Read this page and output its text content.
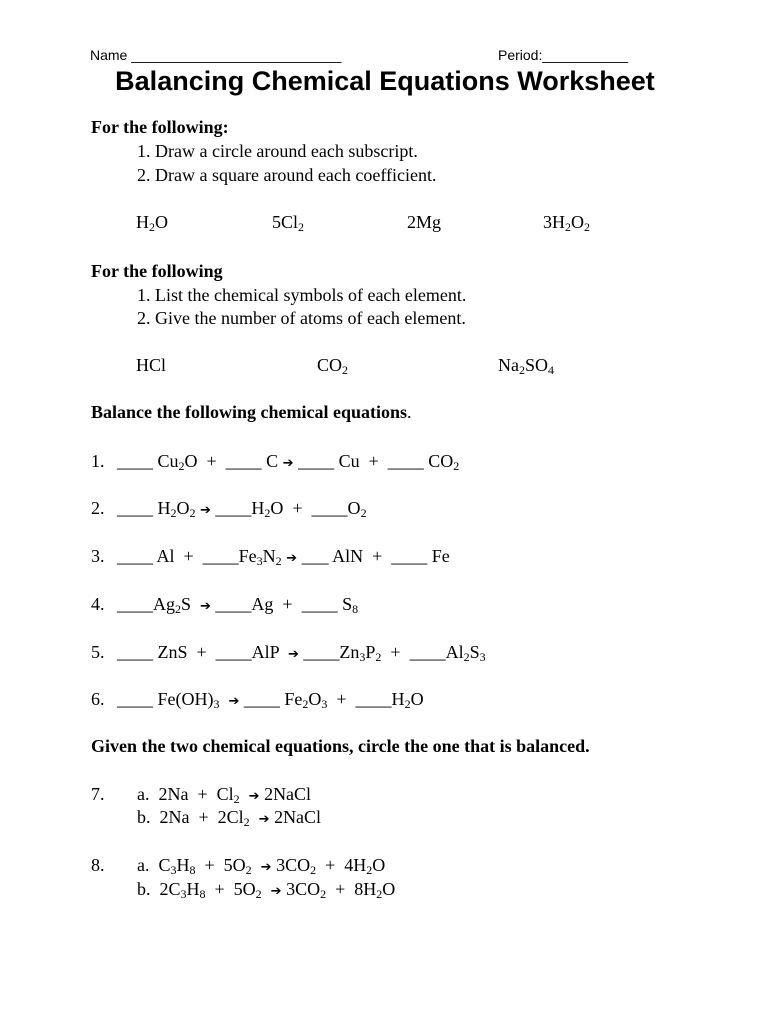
Name ___________________________	Period:___________
Balancing Chemical Equations Worksheet
For the following:
1. Draw a circle around each subscript.
2. Draw a square around each coefficient.
$H_2O$	$5Cl_2$	2Mg	$3H_2O_2$
For the following
1. List the chemical symbols of each element.
2. Give the number of atoms of each element.
HCl	$CO_2$	$Na_2SO_4$
Balance the following chemical equations.
1. ____ $Cu_2O$  +  ____ C ➔ ____ Cu  +  ____ $CO_2$
2. ____ $H_2O_2$ ➔ $\_\_\_\_H_2O$  +  $\_\_\_\_O_2$
3. ____ $Al + \_\_\_\_Fe_3N_2$ ➔ ___ AlN  +  ____ Fe
4. $\_\_\_\_Ag_2S$  ➔ ____Ag  +  ____ $S_8$
5. ____ ZnS  +  ____AlP  ➔ $\_\_\_\_Zn_3P_2$  +  $\_\_\_\_Al_2S_3$
6. ____ $Fe(OH)_3$ ➔ ____ $Fe_2O_3$  +  $\_\_\_\_H_2O$
Given the two chemical equations, circle the one that is balanced.
7. a.  $2Na + Cl_2$ ➔ 2NaCl
b.  $2Na + 2Cl_2$ ➔ 2NaCl
8. a.  $C_3H_8 + 5O_2$ ➔ $3CO_2 + 4H_2O$
b.  $2C_3H_8 + 5O_2$ ➔ $3CO_2 + 8H_2O$
